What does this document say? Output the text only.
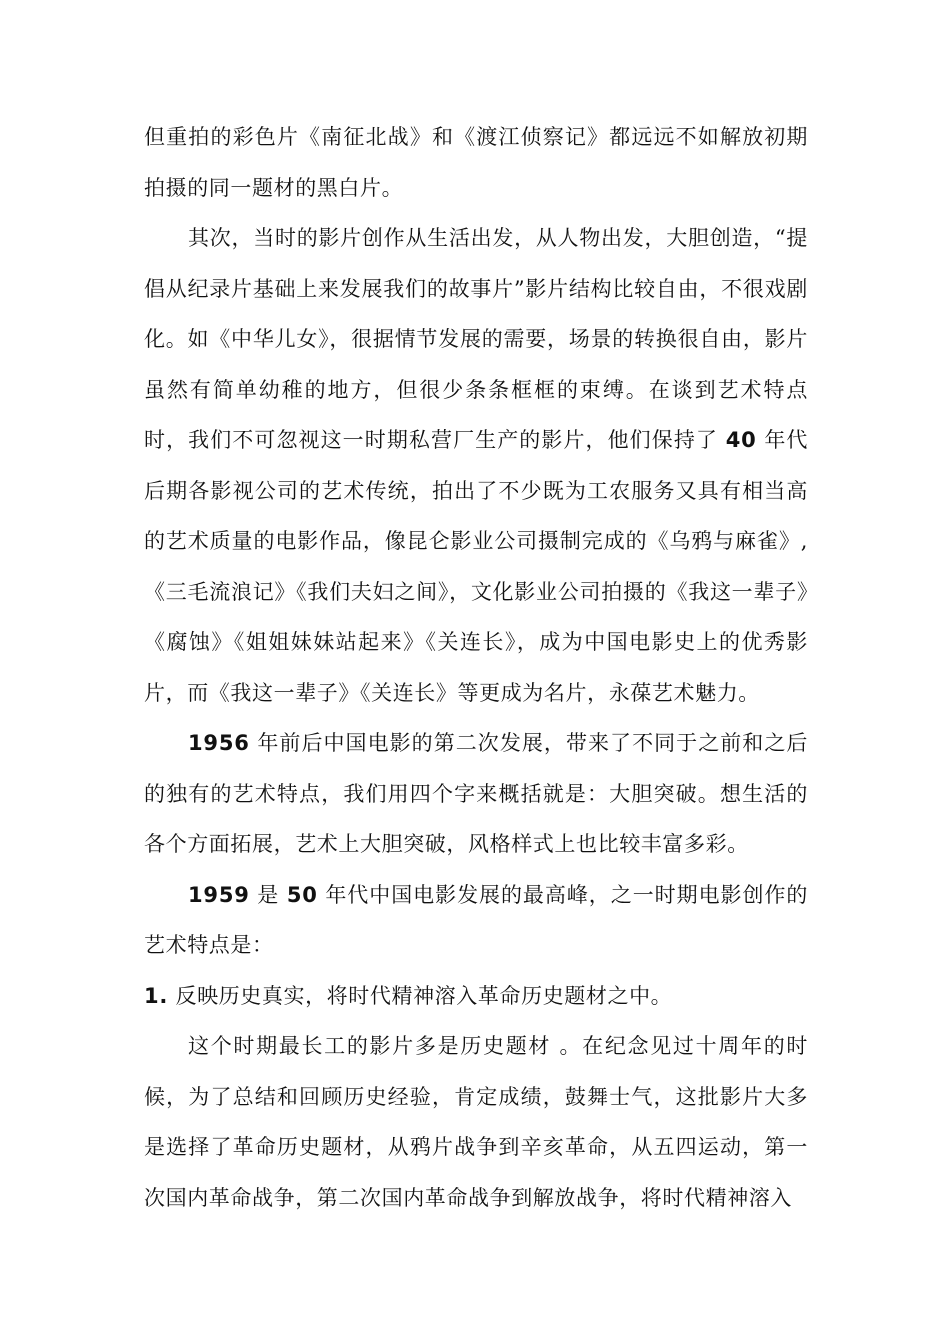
但重拍的彩色片《南征北战》和《渡江侦察记》都远远不如解放初期拍摄的同一题材的黑白片。

其次，当时的影片创作从生活出发，从人物出发，大胆创造，“提倡从纪录片基础上来发展我们的故事片”影片结构比较自由，不很戏剧化。如《中华儿女》，很据情节发展的需要，场景的转换很自由，影片虽然有简单幼稚的地方，但很少条条框框的束缚。在谈到艺术特点时，我们不可忽视这一时期私营厂生产的影片，他们保持了 40 年代后期各影视公司的艺术传统，拍出了不少既为工农服务又具有相当高的艺术质量的电影作品，像昆仑影业公司摄制完成的《乌鸦与麻雀》,《三毛流浪记》《我们夫妇之间》，文化影业公司拍摄的《我这一辈子》《腐蚀》《姐姐妹妹站起来》《关连长》，成为中国电影史上的优秀影片，而《我这一辈子》《关连长》等更成为名片，永葆艺术魅力。

1956 年前后中国电影的第二次发展，带来了不同于之前和之后的独有的艺术特点，我们用四个字来概括就是：大胆突破。想生活的各个方面拓展，艺术上大胆突破，风格样式上也比较丰富多彩。

1959 是 50 年代中国电影发展的最高峰，之一时期电影创作的艺术特点是：

1. 反映历史真实，将时代精神溶入革命历史题材之中。

这个时期最长工的影片多是历史题材 。在纪念见过十周年的时候，为了总结和回顾历史经验，肯定成绩，鼓舞士气，这批影片大多是选择了革命历史题材，从鸦片战争到辛亥革命，从五四运动，第一次国内革命战争，第二次国内革命战争到解放战争，将时代精神溶入
